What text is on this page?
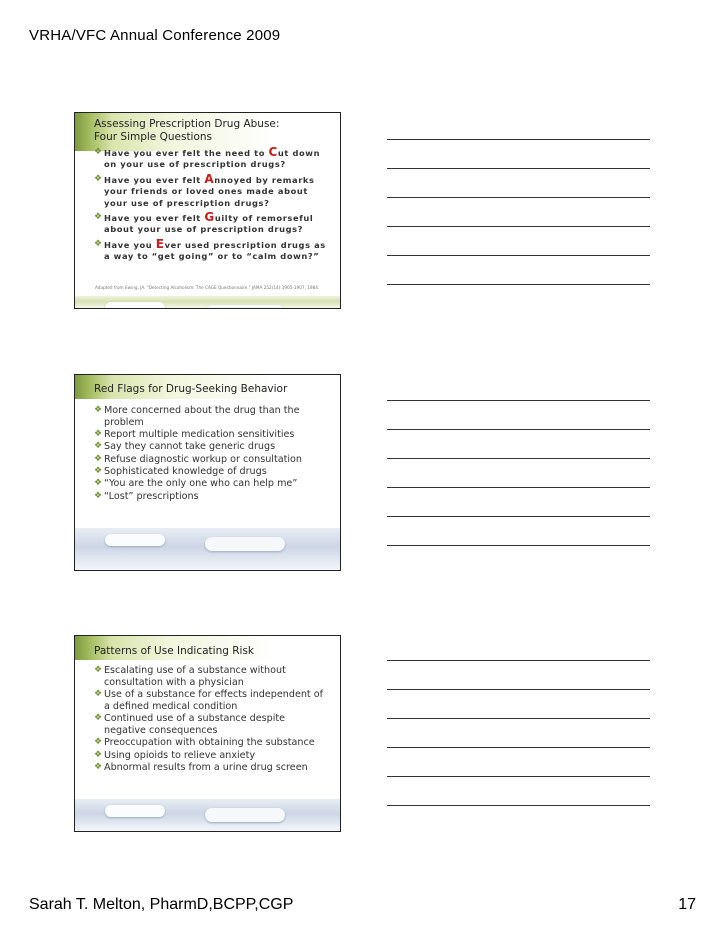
VRHA/VFC Annual Conference 2009
Assessing Prescription Drug Abuse:
Four Simple Questions
❖ Have you ever felt the need to Cut down on your use of prescription drugs?
❖ Have you ever felt Annoyed by remarks your friends or loved ones made about your use of prescription drugs?
❖ Have you ever felt Guilty of remorseful about your use of prescription drugs?
❖ Have you Ever used prescription drugs as a way to “get going” or to “calm down?”
Adapted from Ewing, JA. "Detecting Alcoholism: The CAGE Questionnaire." JAMA 252(14):1905-1907, 1984.
Red Flags for Drug-Seeking Behavior
❖ More concerned about the drug than the problem
❖ Report multiple medication sensitivities
❖ Say they cannot take generic drugs
❖ Refuse diagnostic workup or consultation
❖ Sophisticated knowledge of drugs
❖ “You are the only one who can help me”
❖ “Lost” prescriptions
Patterns of Use Indicating Risk
❖ Escalating use of a substance without consultation with a physician
❖ Use of a substance for effects independent of a defined medical condition
❖ Continued use of a substance despite negative consequences
❖ Preoccupation with obtaining the substance
❖ Using opioids to relieve anxiety
❖ Abnormal results from a urine drug screen
Sarah T. Melton, PharmD,BCPP,CGP	17
